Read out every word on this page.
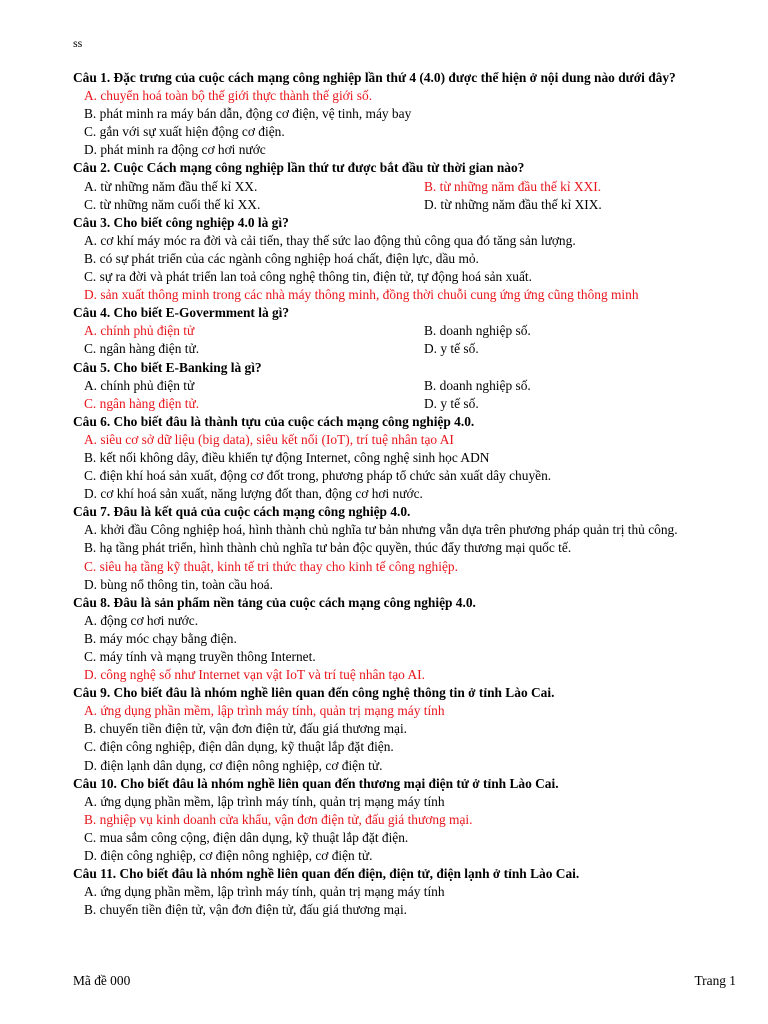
ss
Câu 1. Đặc trưng của cuộc cách mạng công nghiệp lần thứ 4 (4.0) được thể hiện ở nội dung nào dưới đây?
A. chuyển hoá toàn bộ thế giới thực thành thế giới số.
B. phát minh ra máy bán dẫn, động cơ điện, vệ tinh, máy bay
C. gắn với sự xuất hiện động cơ điện.
D. phát minh ra động cơ hơi nước
Câu 2. Cuộc Cách mạng công nghiệp lần thứ tư được bắt đầu từ thời gian nào?
A. từ những năm đầu thế kỉ XX.	B. từ những năm đầu thế kỉ XXI.
C. từ những năm cuối thế kỉ XX.	D. từ những năm đầu thế kỉ XIX.
Câu 3. Cho biết công nghiệp 4.0 là gì?
A. cơ khí máy móc ra đời và cải tiến, thay thế sức lao động thủ công qua đó tăng sản lượng.
B. có sự phát triển của các ngành công nghiệp hoá chất, điện lực, dầu mỏ.
C. sự ra đời và phát triển lan toả công nghệ thông tin, điện tử, tự động hoá sản xuất.
D. sản xuất thông minh trong các nhà máy thông minh, đồng thời chuỗi cung ứng ứng cũng thông minh
Câu 4. Cho biết E-Govermment là gì?
A. chính phủ điện tử	B. doanh nghiệp số.
C. ngân hàng điện tử.	D. y tế số.
Câu 5. Cho biết E-Banking là gì?
A. chính phủ điện tử	B. doanh nghiệp số.
C. ngân hàng điện tử.	D. y tế số.
Câu 6. Cho biết đâu là thành tựu của cuộc cách mạng công nghiệp 4.0.
A. siêu cơ sở dữ liệu (big data), siêu kết nối (IoT), trí tuệ nhân tạo AI
B. kết nối không dây, điều khiển tự động Internet, công nghệ sinh học ADN
C. điện khí hoá sản xuất, động cơ đốt trong, phương pháp tổ chức sản xuất dây chuyền.
D. cơ khí hoá sản xuất, năng lượng đốt than, động cơ hơi nước.
Câu 7. Đâu là kết quả của cuộc cách mạng công nghiệp 4.0.
A. khởi đầu Công nghiệp hoá, hình thành chủ nghĩa tư bản nhưng vẫn dựa trên phương pháp quản trị thủ công.
B. hạ tầng phát triển, hình thành chủ nghĩa tư bản độc quyền, thúc đẩy thương mại quốc tế.
C. siêu hạ tầng kỹ thuật, kinh tế tri thức thay cho kinh tế công nghiệp.
D. bùng nổ thông tin, toàn cầu hoá.
Câu 8. Đâu là sản phẩm nền tảng của cuộc cách mạng công nghiệp 4.0.
A. động cơ hơi nước.
B. máy móc chạy bằng điện.
C. máy tính và mạng truyền thông Internet.
D. công nghệ số như Internet vạn vật IoT và trí tuệ nhân tạo AI.
Câu 9. Cho biết đâu là nhóm nghề liên quan đến công nghệ thông tin ở tỉnh Lào Cai.
A. ứng dụng phần mềm, lập trình máy tính, quản trị mạng máy tính
B. chuyển tiền điện tử, vận đơn điện tử, đấu giá thương mại.
C. điện công nghiệp, điện dân dụng, kỹ thuật lắp đặt điện.
D. điện lạnh dân dụng, cơ điện nông nghiệp, cơ điện tử.
Câu 10. Cho biết đâu là nhóm nghề liên quan đến thương mại điện tử ở tỉnh Lào Cai.
A. ứng dụng phần mềm, lập trình máy tính, quản trị mạng máy tính
B. nghiệp vụ kinh doanh cửa khẩu, vận đơn điện tử, đấu giá thương mại.
C. mua sắm công cộng, điện dân dụng, kỹ thuật lắp đặt điện.
D. điện công nghiệp, cơ điện nông nghiệp, cơ điện tử.
Câu 11. Cho biết đâu là nhóm nghề liên quan đến điện, điện tử, điện lạnh ở tỉnh Lào Cai.
A. ứng dụng phần mềm, lập trình máy tính, quản trị mạng máy tính
B. chuyển tiền điện tử, vận đơn điện tử, đấu giá thương mại.
Mã đề 000	Trang 1
